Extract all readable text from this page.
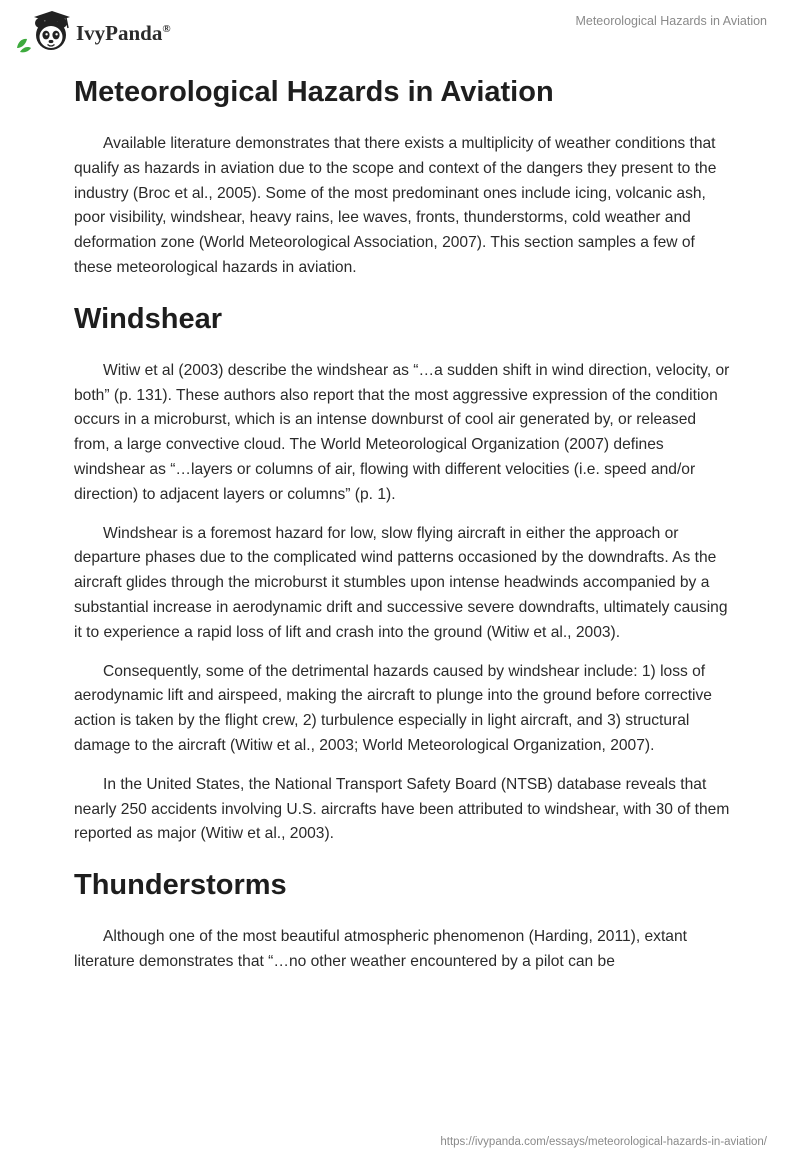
IvyPanda®
Meteorological Hazards in Aviation
Meteorological Hazards in Aviation

Available literature demonstrates that there exists a multiplicity of weather conditions that qualify as hazards in aviation due to the scope and context of the dangers they present to the industry (Broc et al., 2005). Some of the most predominant ones include icing, volcanic ash, poor visibility, windshear, heavy rains, lee waves, fronts, thunderstorms, cold weather and deformation zone (World Meteorological Association, 2007). This section samples a few of these meteorological hazards in aviation.

Windshear

Witiw et al (2003) describe the windshear as “…a sudden shift in wind direction, velocity, or both” (p. 131). These authors also report that the most aggressive expression of the condition occurs in a microburst, which is an intense downburst of cool air generated by, or released from, a large convective cloud. The World Meteorological Organization (2007) defines windshear as “…layers or columns of air, flowing with different velocities (i.e. speed and/or direction) to adjacent layers or columns” (p. 1).

Windshear is a foremost hazard for low, slow flying aircraft in either the approach or departure phases due to the complicated wind patterns occasioned by the downdrafts. As the aircraft glides through the microburst it stumbles upon intense headwinds accompanied by a substantial increase in aerodynamic drift and successive severe downdrafts, ultimately causing it to experience a rapid loss of lift and crash into the ground (Witiw et al., 2003).

Consequently, some of the detrimental hazards caused by windshear include: 1) loss of aerodynamic lift and airspeed, making the aircraft to plunge into the ground before corrective action is taken by the flight crew, 2) turbulence especially in light aircraft, and 3) structural damage to the aircraft (Witiw et al., 2003; World Meteorological Organization, 2007).

In the United States, the National Transport Safety Board (NTSB) database reveals that nearly 250 accidents involving U.S. aircrafts have been attributed to windshear, with 30 of them reported as major (Witiw et al., 2003).

Thunderstorms

Although one of the most beautiful atmospheric phenomenon (Harding, 2011), extant literature demonstrates that “…no other weather encountered by a pilot can be

https://ivypanda.com/essays/meteorological-hazards-in-aviation/
